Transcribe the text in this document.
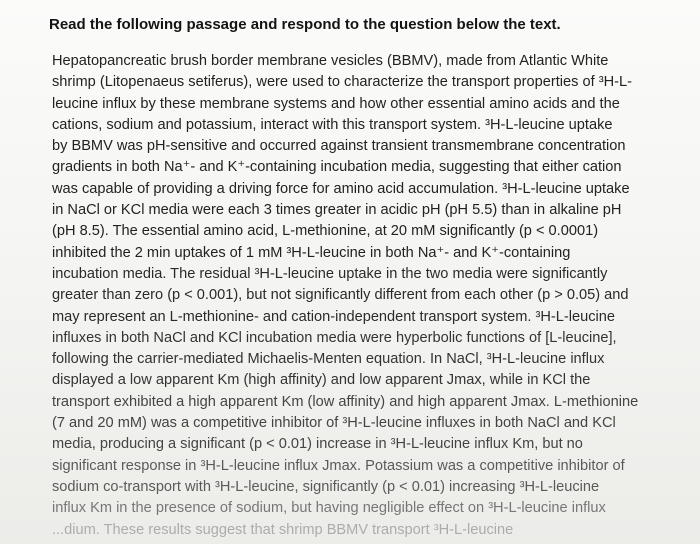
Read the following passage and respond to the question below the text.
Hepatopancreatic brush border membrane vesicles (BBMV), made from Atlantic White
shrimp (Litopenaeus setiferus), were used to characterize the transport properties of ³H-L-
leucine influx by these membrane systems and how other essential amino acids and the
cations, sodium and potassium, interact with this transport system. ³H-L-leucine uptake
by BBMV was pH-sensitive and occurred against transient transmembrane concentration
gradients in both Na⁺- and K⁺-containing incubation media, suggesting that either cation
was capable of providing a driving force for amino acid accumulation. ³H-L-leucine uptake
in NaCl or KCl media were each 3 times greater in acidic pH (pH 5.5) than in alkaline pH
(pH 8.5). The essential amino acid, L-methionine, at 20 mM significantly (p < 0.0001)
inhibited the 2 min uptakes of 1 mM ³H-L-leucine in both Na⁺- and K⁺-containing
incubation media. The residual ³H-L-leucine uptake in the two media were significantly
greater than zero (p < 0.001), but not significantly different from each other (p > 0.05) and
may represent an L-methionine- and cation-independent transport system. ³H-L-leucine
influxes in both NaCl and KCl incubation media were hyperbolic functions of [L-leucine],
following the carrier-mediated Michaelis-Menten equation. In NaCl, ³H-L-leucine influx
displayed a low apparent Km (high affinity) and low apparent Jmax, while in KCl the
transport exhibited a high apparent Km (low affinity) and high apparent Jmax. L-methionine
(7 and 20 mM) was a competitive inhibitor of ³H-L-leucine influxes in both NaCl and KCl
media, producing a significant (p < 0.01) increase in ³H-L-leucine influx Km, but no
significant response in ³H-L-leucine influx Jmax. Potassium was a competitive inhibitor of
sodium co-transport with ³H-L-leucine, significantly (p < 0.01) increasing ³H-L-leucine
influx Km in the presence of sodium, but having negligible effect on ³H-L-leucine influx
...dium. These results suggest that shrimp BBMV transport ³H-L-leucine
